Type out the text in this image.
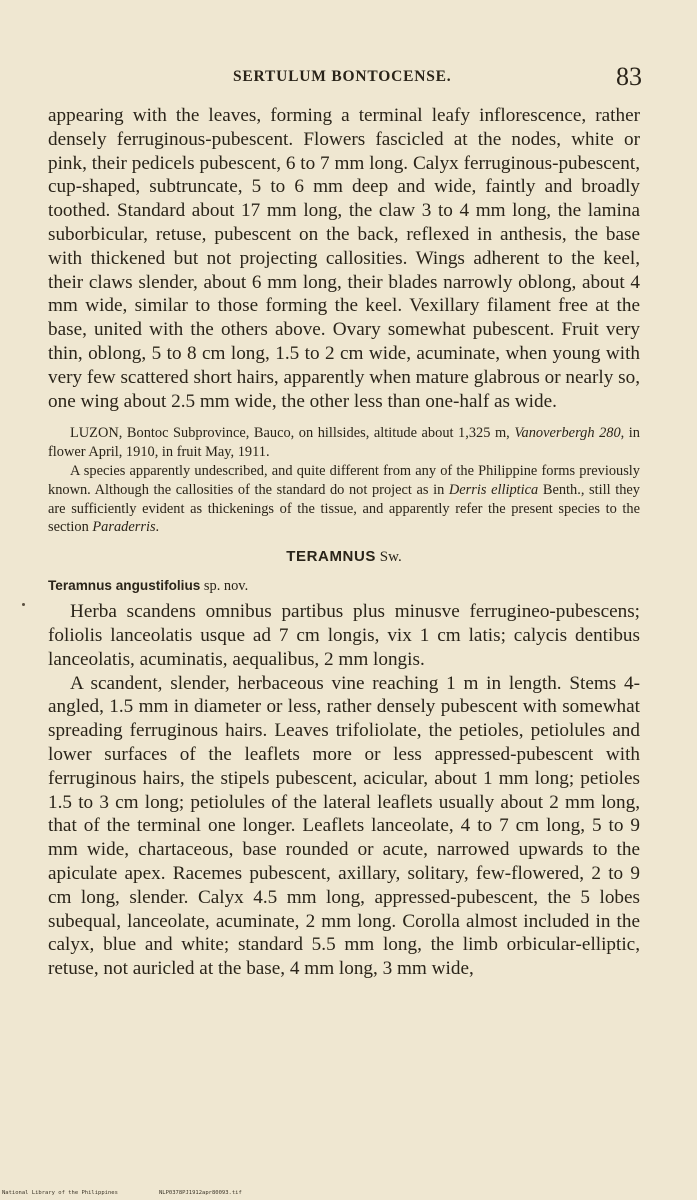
SERTULUM BONTOCENSE.	83

appearing with the leaves, forming a terminal leafy inflorescence, rather densely ferruginous-pubescent. Flowers fascicled at the nodes, white or pink, their pedicels pubescent, 6 to 7 mm long. Calyx ferruginous-pubescent, cup-shaped, subtruncate, 5 to 6 mm deep and wide, faintly and broadly toothed. Standard about 17 mm long, the claw 3 to 4 mm long, the lamina suborbicular, retuse, pubescent on the back, reflexed in anthesis, the base with thickened but not projecting callosities. Wings adherent to the keel, their claws slender, about 6 mm long, their blades narrowly oblong, about 4 mm wide, similar to those forming the keel. Vexillary filament free at the base, united with the others above. Ovary somewhat pubescent. Fruit very thin, oblong, 5 to 8 cm long, 1.5 to 2 cm wide, acuminate, when young with very few scattered short hairs, apparently when mature glabrous or nearly so, one wing about 2.5 mm wide, the other less than one-half as wide.

LUZON, Bontoc Subprovince, Bauco, on hillsides, altitude about 1,325 m, Vanoverbergh 280, in flower April, 1910, in fruit May, 1911.

A species apparently undescribed, and quite different from any of the Philippine forms previously known. Although the callosities of the standard do not project as in Derris elliptica Benth., still they are sufficiently evident as thickenings of the tissue, and apparently refer the present species to the section Paraderris.

TERAMNUS Sw.

Teramnus angustifolius sp. nov.

Herba scandens omnibus partibus plus minusve ferrugineo-pubescens; foliolis lanceolatis usque ad 7 cm longis, vix 1 cm latis; calycis dentibus lanceolatis, acuminatis, aequalibus, 2 mm longis.

A scandent, slender, herbaceous vine reaching 1 m in length. Stems 4-angled, 1.5 mm in diameter or less, rather densely pubescent with somewhat spreading ferruginous hairs. Leaves trifoliolate, the petioles, petiolules and lower surfaces of the leaflets more or less appressed-pubescent with ferruginous hairs, the stipels pubescent, acicular, about 1 mm long; petioles 1.5 to 3 cm long; petiolules of the lateral leaflets usually about 2 mm long, that of the terminal one longer. Leaflets lanceolate, 4 to 7 cm long, 5 to 9 mm wide, chartaceous, base rounded or acute, narrowed upwards to the apiculate apex. Racemes pubescent, axillary, solitary, few-flowered, 2 to 9 cm long, slender. Calyx 4.5 mm long, appressed-pubescent, the 5 lobes subequal, lanceolate, acuminate, 2 mm long. Corolla almost included in the calyx, blue and white; standard 5.5 mm long, the limb orbicular-elliptic, retuse, not auricled at the base, 4 mm long, 3 mm wide,

National Library of the Philippines	NLP0378PJ1912apr80093.tif
